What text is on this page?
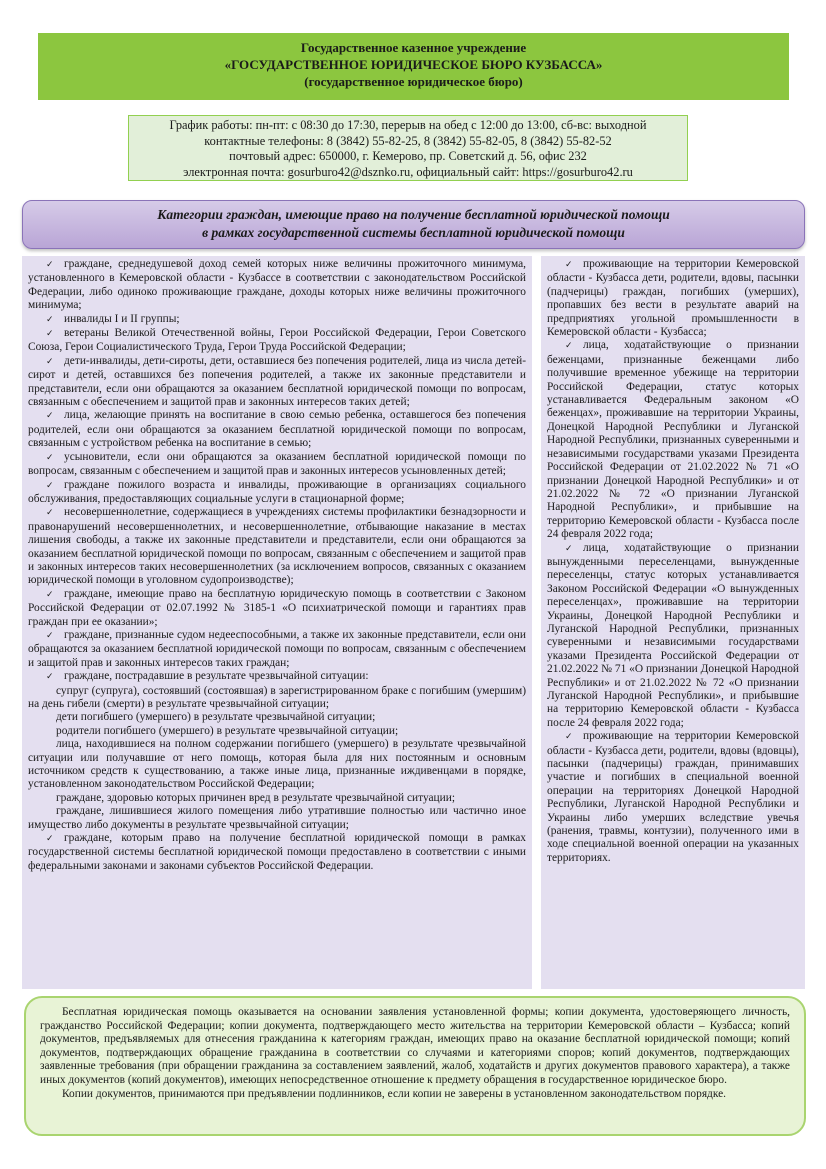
Государственное казенное учреждение
«ГОСУДАРСТВЕННОЕ ЮРИДИЧЕСКОЕ БЮРО КУЗБАССА»
(государственное юридическое бюро)
График работы: пн-пт: с 08:30 до 17:30, перерыв на обед с 12:00 до 13:00, сб-вс: выходной
контактные телефоны: 8 (3842) 55-82-25, 8 (3842) 55-82-05, 8 (3842) 55-82-52
почтовый адрес: 650000, г. Кемерово, пр. Советский д. 56, офис 232
электронная почта: gosurburo42@dsznko.ru, официальный сайт: https://gosurburo42.ru
Категории граждан, имеющие право на получение бесплатной юридической помощи
в рамках государственной системы бесплатной юридической помощи

✓ граждане, среднедушевой доход семей которых ниже величины прожиточного минимума, установленного в Кемеровской области - Кузбассе в соответствии с законодательством Российской Федерации, либо одиноко проживающие граждане, доходы которых ниже величины прожиточного минимума;

✓ инвалиды I и II группы;

✓ ветераны Великой Отечественной войны, Герои Российской Федерации, Герои Советского Союза, Герои Социалистического Труда, Герои Труда Российской Федерации;

✓ дети-инвалиды, дети-сироты, дети, оставшиеся без попечения родителей, лица из числа детей-сирот и детей, оставшихся без попечения родителей, а также их законные представители и представители, если они обращаются за оказанием бесплатной юридической помощи по вопросам, связанным с обеспечением и защитой прав и законных интересов таких детей;

✓ лица, желающие принять на воспитание в свою семью ребенка, оставшегося без попечения родителей, если они обращаются за оказанием бесплатной юридической помощи по вопросам, связанным с устройством ребенка на воспитание в семью;

✓ усыновители, если они обращаются за оказанием бесплатной юридической помощи по вопросам, связанным с обеспечением и защитой прав и законных интересов усыновленных детей;

✓ граждане пожилого возраста и инвалиды, проживающие в организациях социального обслуживания, предоставляющих социальные услуги в стационарной форме;

✓ несовершеннолетние, содержащиеся в учреждениях системы профилактики безнадзорности и правонарушений несовершеннолетних, и несовершеннолетние, отбывающие наказание в местах лишения свободы, а также их законные представители и представители, если они обращаются за оказанием бесплатной юридической помощи по вопросам, связанным с обеспечением и защитой прав и законных интересов таких несовершеннолетних (за исключением вопросов, связанных с оказанием юридической помощи в уголовном судопроизводстве);

✓ граждане, имеющие право на бесплатную юридическую помощь в соответствии с Законом Российской Федерации от 02.07.1992 № 3185-1 «О психиатрической помощи и гарантиях прав граждан при ее оказании»;

✓ граждане, признанные судом недееспособными, а также их законные представители, если они обращаются за оказанием бесплатной юридической помощи по вопросам, связанным с обеспечением и защитой прав и законных интересов таких граждан;

✓ граждане, пострадавшие в результате чрезвычайной ситуации:

супруг (супруга), состоявший (состоявшая) в зарегистрированном браке с погибшим (умершим) на день гибели (смерти) в результате чрезвычайной ситуации;

дети погибшего (умершего) в результате чрезвычайной ситуации;

родители погибшего (умершего) в результате чрезвычайной ситуации;

лица, находившиеся на полном содержании погибшего (умершего) в результате чрезвычайной ситуации или получавшие от него помощь, которая была для них постоянным и основным источником средств к существованию, а также иные лица, признанные иждивенцами в порядке, установленном законодательством Российской Федерации;

граждане, здоровью которых причинен вред в результате чрезвычайной ситуации;

граждане, лишившиеся жилого помещения либо утратившие полностью или частично иное имущество либо документы в результате чрезвычайной ситуации;

✓ граждане, которым право на получение бесплатной юридической помощи в рамках государственной системы бесплатной юридической помощи предоставлено в соответствии с иными федеральными законами и законами субъектов Российской Федерации.

✓ проживающие на территории Кемеровской области - Кузбасса дети, родители, вдовы, пасынки (падчерицы) граждан, погибших (умерших), пропавших без вести в результате аварий на предприятиях угольной промышленности в Кемеровской области - Кузбасса;

✓ лица, ходатайствующие о признании беженцами, признанные беженцами либо получившие временное убежище на территории Российской Федерации, статус которых устанавливается Федеральным законом «О беженцах», проживавшие на территории Украины, Донецкой Народной Республики и Луганской Народной Республики, признанных суверенными и независимыми государствами указами Президента Российской Федерации от 21.02.2022 № 71 «О признании Донецкой Народной Республики» и от 21.02.2022 № 72 «О признании Луганской Народной Республики», и прибывшие на территорию Кемеровской области - Кузбасса после 24 февраля 2022 года;

✓ лица, ходатайствующие о признании вынужденными переселенцами, вынужденные переселенцы, статус которых устанавливается Законом Российской Федерации «О вынужденных переселенцах», проживавшие на территории Украины, Донецкой Народной Республики и Луганской Народной Республики, признанных суверенными и независимыми государствами указами Президента Российской Федерации от 21.02.2022 № 71 «О признании Донецкой Народной Республики» и от 21.02.2022 № 72 «О признании Луганской Народной Республики», и прибывшие на территорию Кемеровской области - Кузбасса после 24 февраля 2022 года;

✓ проживающие на территории Кемеровской области - Кузбасса дети, родители, вдовы (вдовцы), пасынки (падчерицы) граждан, принимавших участие и погибших в специальной военной операции на территориях Донецкой Народной Республики, Луганской Народной Республики и Украины либо умерших вследствие увечья (ранения, травмы, контузии), полученного ими в ходе специальной военной операции на указанных территориях.

Бесплатная юридическая помощь оказывается на основании заявления установленной формы; копии документа, удостоверяющего личность, гражданство Российской Федерации; копии документа, подтверждающего место жительства на территории Кемеровской области – Кузбасса; копий документов, предъявляемых для отнесения гражданина к категориям граждан, имеющих право на оказание бесплатной юридической помощи; копий документов, подтверждающих обращение гражданина в соответствии со случаями и категориями споров; копий документов, подтверждающих заявленные требования (при обращении гражданина за составлением заявлений, жалоб, ходатайств и других документов правового характера), а также иных документов (копий документов), имеющих непосредственное отношение к предмету обращения в государственное юридическое бюро.

Копии документов, принимаются при предъявлении подлинников, если копии не заверены в установленном законодательством порядке.
